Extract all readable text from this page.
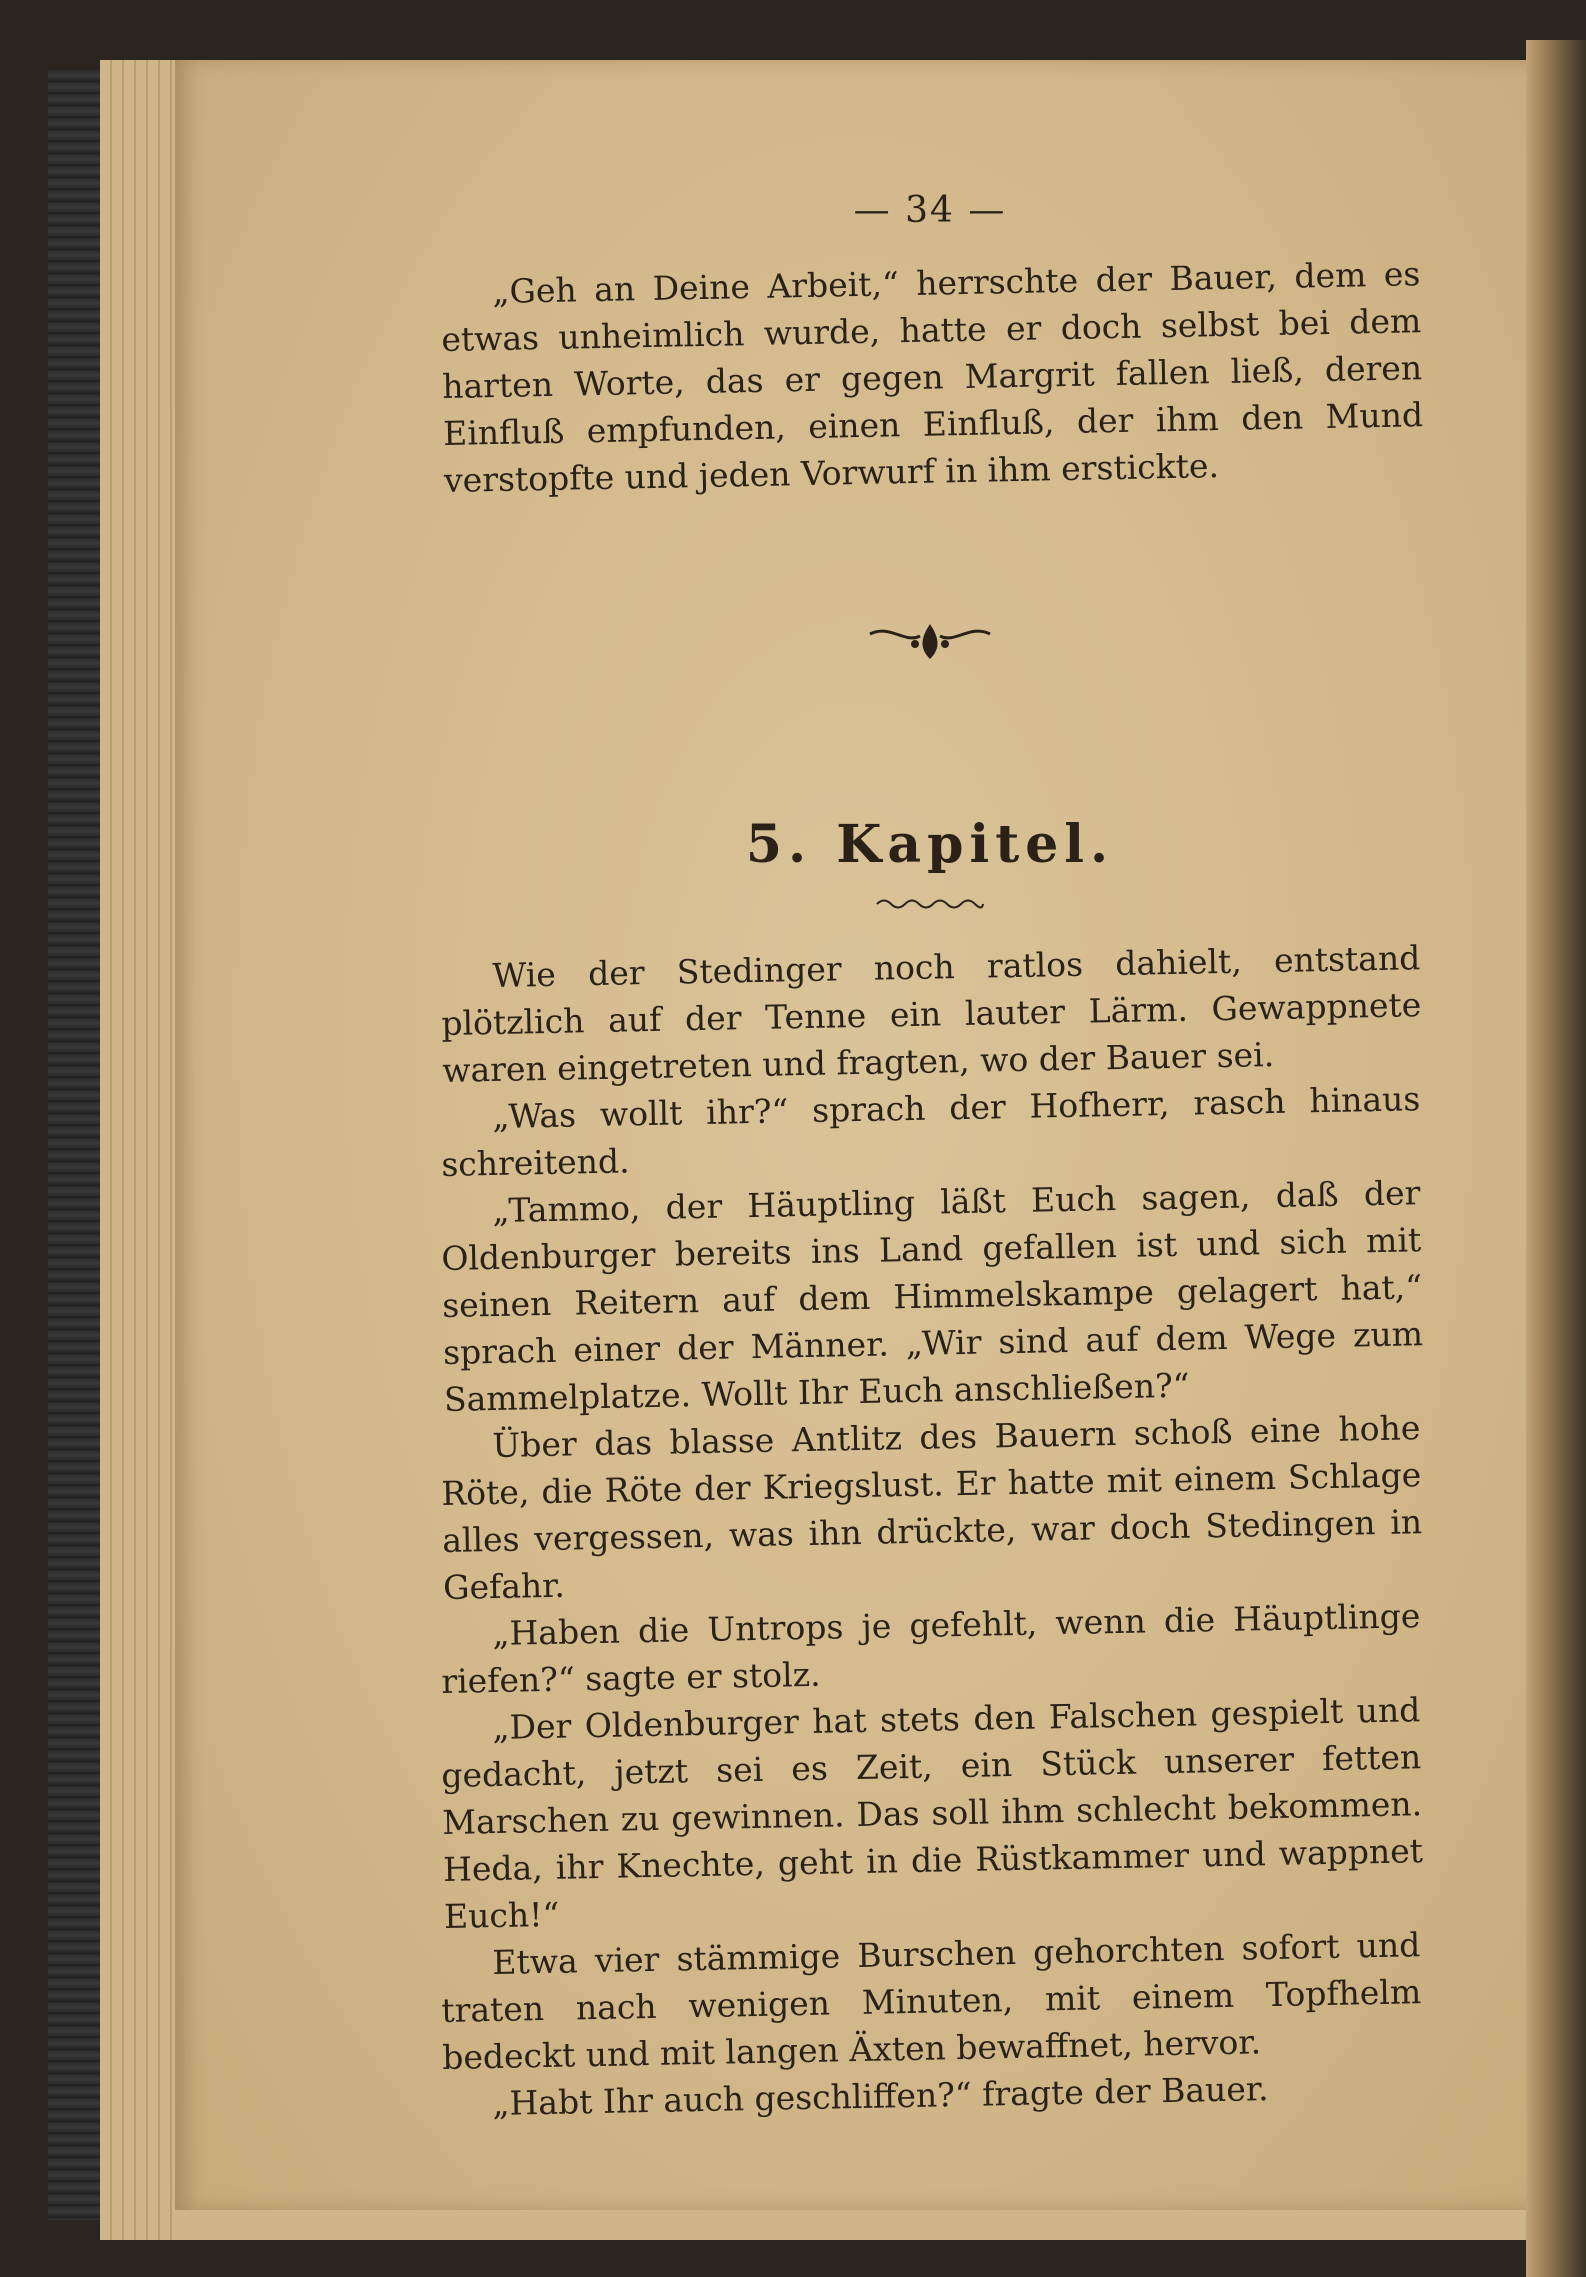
— 34 —

„Geh an Deine Arbeit,“ herrschte der Bauer, dem es etwas unheimlich wurde, hatte er doch selbst bei dem harten Worte, das er gegen Margrit fallen ließ, deren Einfluß empfunden, einen Einfluß, der ihm den Mund verstopfte und jeden Vorwurf in ihm erstickte.

5. Kapitel.

Wie der Stedinger noch ratlos dahielt, entstand plötzlich auf der Tenne ein lauter Lärm. Gewappnete waren eingetreten und fragten, wo der Bauer sei.

„Was wollt ihr?“ sprach der Hofherr, rasch hinaus schreitend.

„Tammo, der Häuptling läßt Euch sagen, daß der Oldenburger bereits ins Land gefallen ist und sich mit seinen Reitern auf dem Himmelskampe gelagert hat,“ sprach einer der Männer. „Wir sind auf dem Wege zum Sammelplatze. Wollt Ihr Euch anschließen?“

Über das blasse Antlitz des Bauern schoß eine hohe Röte, die Röte der Kriegslust. Er hatte mit einem Schlage alles vergessen, was ihn drückte, war doch Stedingen in Gefahr.

„Haben die Untrops je gefehlt, wenn die Häuptlinge riefen?“ sagte er stolz.

„Der Oldenburger hat stets den Falschen gespielt und gedacht, jetzt sei es Zeit, ein Stück unserer fetten Marschen zu gewinnen. Das soll ihm schlecht bekommen. Heda, ihr Knechte, geht in die Rüstkammer und wappnet Euch!“

Etwa vier stämmige Burschen gehorchten sofort und traten nach wenigen Minuten, mit einem Topfhelm bedeckt und mit langen Äxten bewaffnet, hervor.

„Habt Ihr auch geschliffen?“ fragte der Bauer.
